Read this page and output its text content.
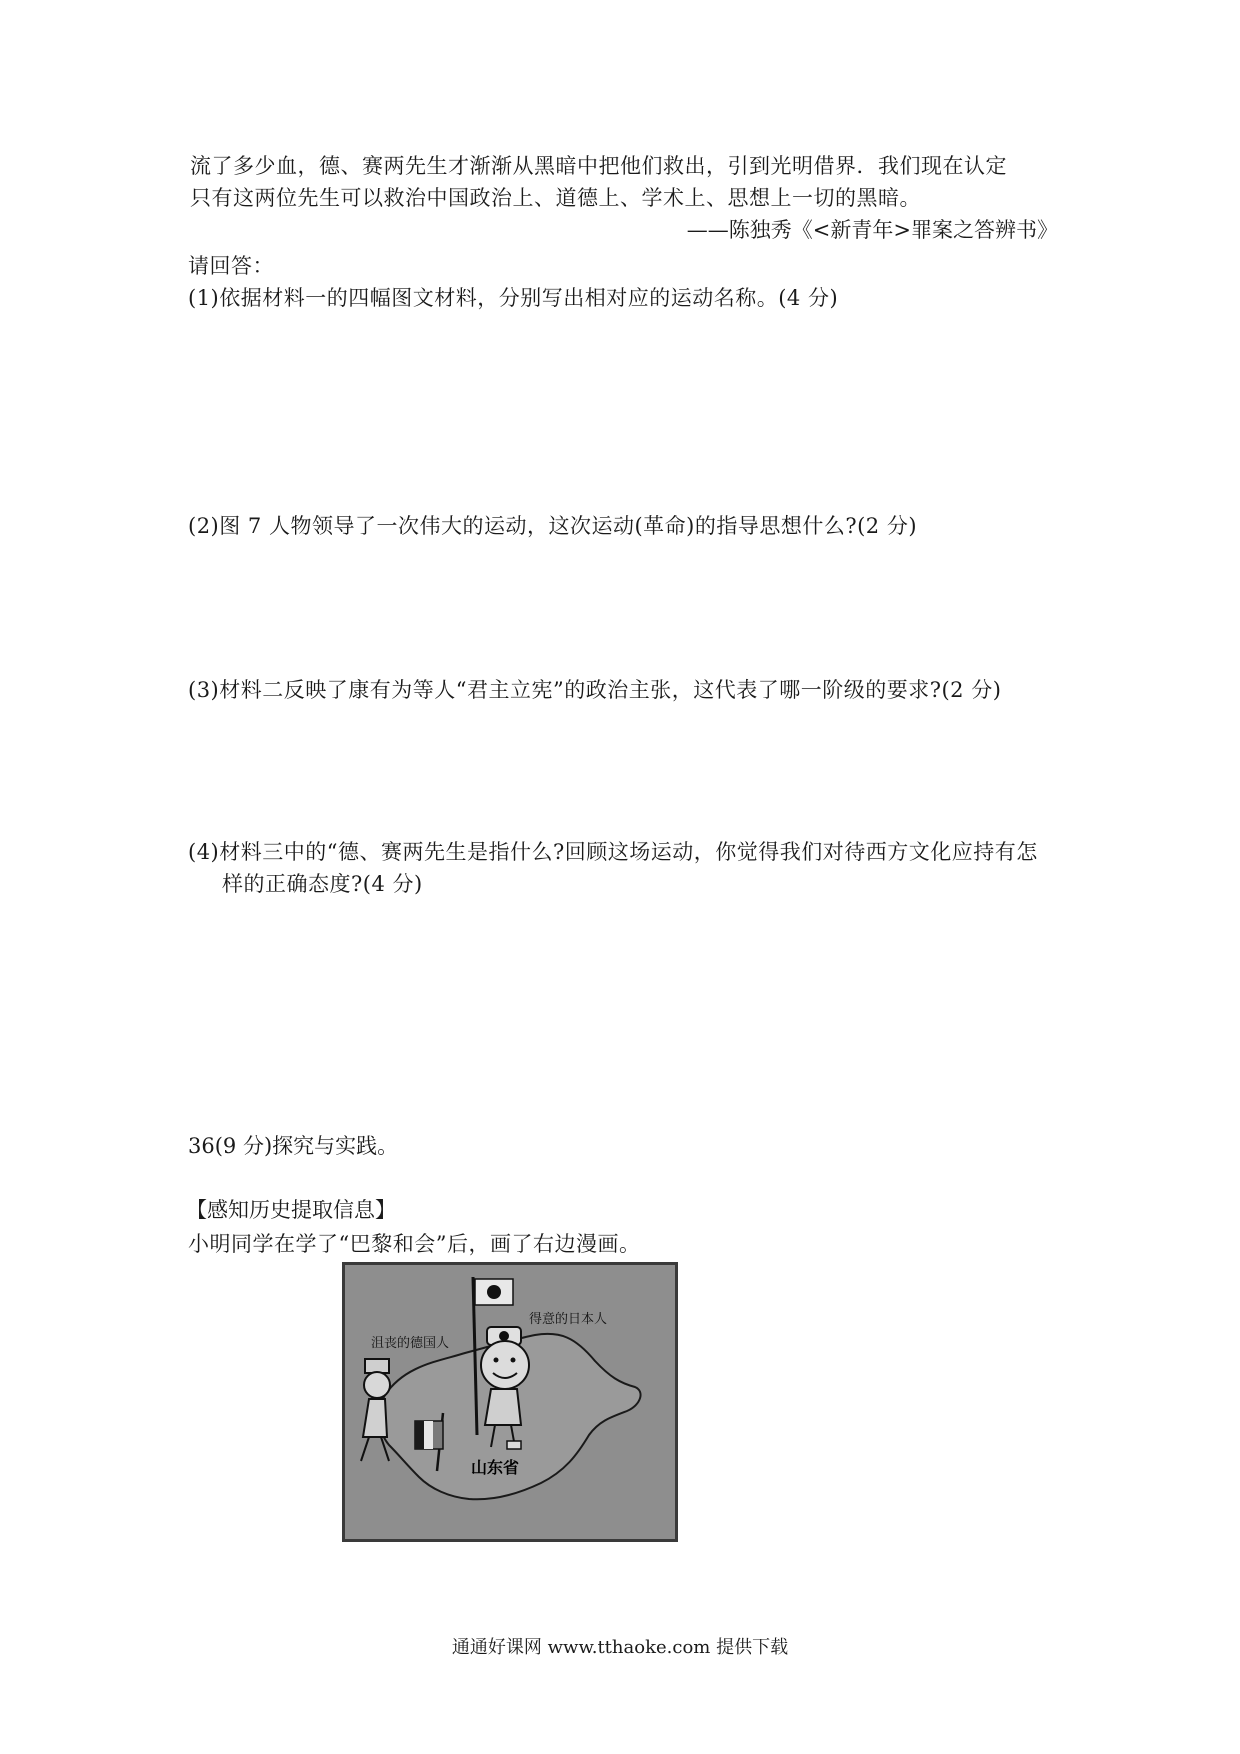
流了多少血，德、赛两先生才渐渐从黑暗中把他们救出，引到光明借界．我们现在认定
只有这两位先生可以救治中国政治上、道德上、学术上、思想上一切的黑暗。
——陈独秀《<新青年>罪案之答辨书》
请回答：
(1)依据材料一的四幅图文材料，分别写出相对应的运动名称。(4 分)
(2)图 7 人物领导了一次伟大的运动，这次运动(革命)的指导思想什么?(2 分)
(3)材料二反映了康有为等人“君主立宪”的政治主张，这代表了哪一阶级的要求?(2 分)
(4)材料三中的“德、赛两先生是指什么?回顾这场运动，你觉得我们对待西方文化应持有怎
样的正确态度?(4 分)
36(9 分)探究与实践。
【感知历史提取信息】
小明同学在学了“巴黎和会”后，画了右边漫画。
沮丧的德国人
得意的日本人
山东省
通通好课网 www.tthaoke.com 提供下载
